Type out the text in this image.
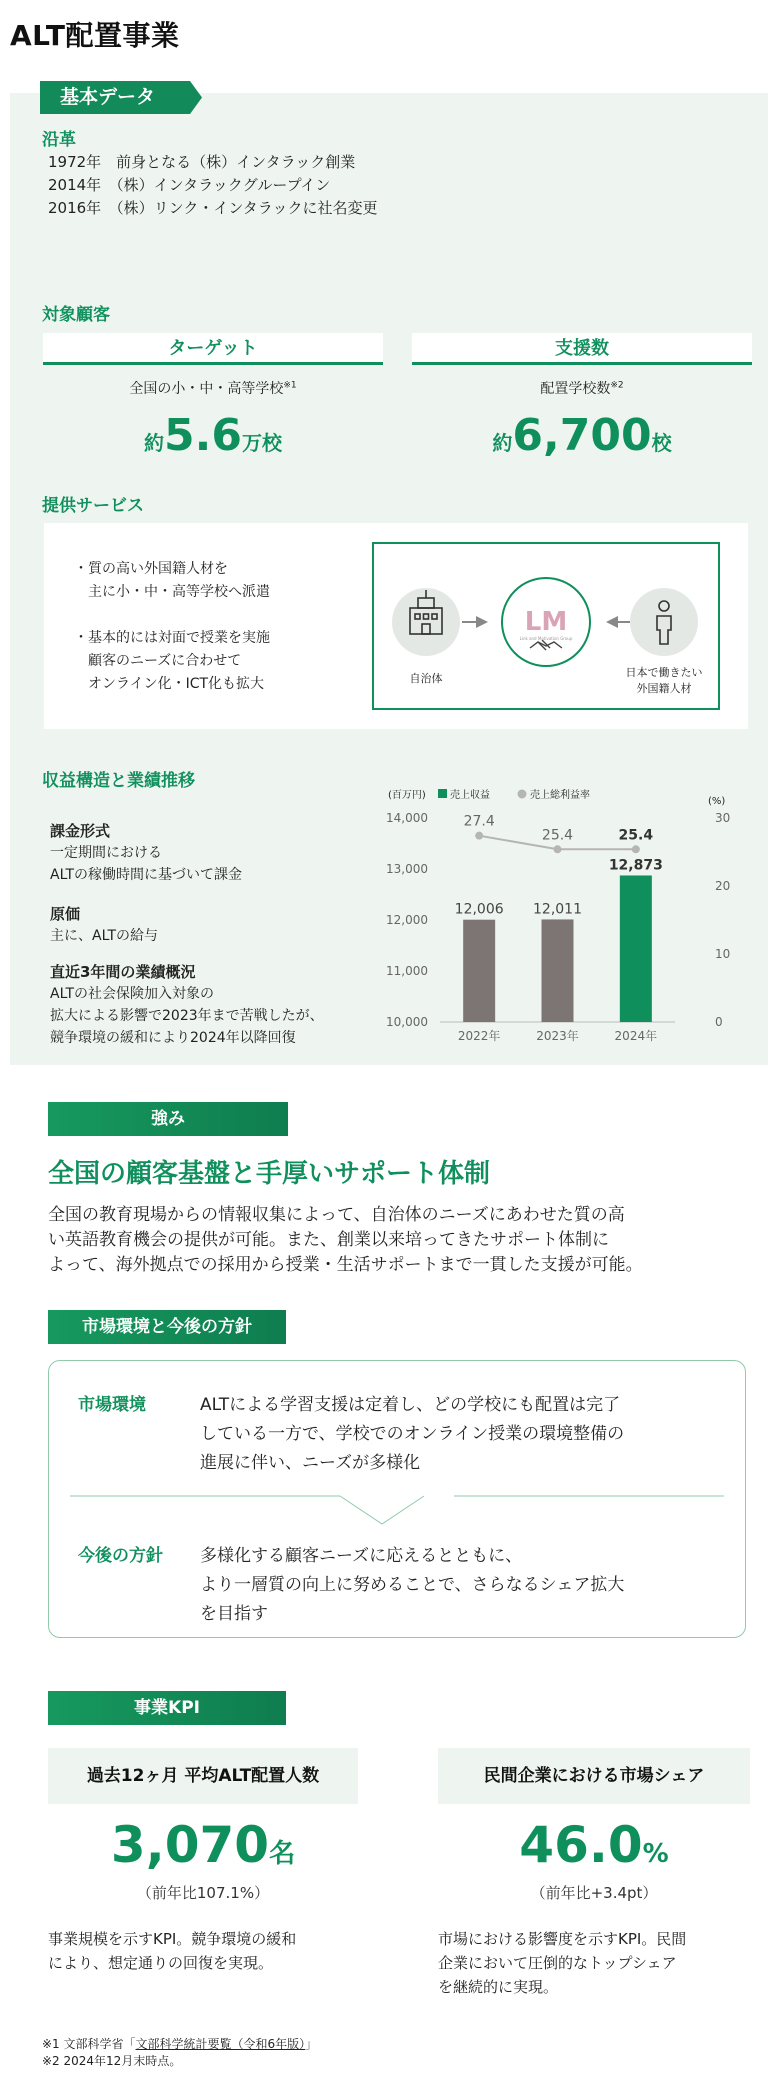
ALT配置事業
基本データ
沿革
1972年　前身となる（株）インタラック創業
2014年　（株）インタラックグループイン
2016年　（株）リンク・インタラックに社名変更
対象顧客
ターゲット
全国の小・中・高等学校$^{※1}$
約5.6万校
支援数
配置学校数$^{※2}$
約6,700校
提供サービス
・質の高い外国籍人材を
　主に小・中・高等学校へ派遣
・基本的には対面で授業を実施
　顧客のニーズに合わせて
　オンライン化・ICT化も拡大
LM
Link and Motivation Group
自治体	日本で働きたい
外国籍人材
収益構造と業績推移
課金形式
一定期間における
ALTの稼働時間に基づいて課金
原価
主に、ALTの給与
直近3年間の業績概況
ALTの社会保険加入対象の
拡大による影響で2023年まで苦戦したが、
競争環境の緩和により2024年以降回復
(百万円) 売上収益	売上総利益率
(%)
10,000
11,000
12,000
13,000
14,000
0
10
20
30
12,006
2022年
12,011
2023年
12,873
2024年
27.4
25.4	25.4
強み
全国の顧客基盤と手厚いサポート体制
全国の教育現場からの情報収集によって、自治体のニーズにあわせた質の高
い英語教育機会の提供が可能。また、創業以来培ってきたサポート体制に
よって、海外拠点での採用から授業・生活サポートまで一貫した支援が可能。
市場環境と今後の方針
市場環境	ALTによる学習支援は定着し、どの学校にも配置は完了
している一方で、学校でのオンライン授業の環境整備の
進展に伴い、ニーズが多様化
今後の方針 多様化する顧客ニーズに応えるとともに、
より一層質の向上に努めることで、さらなるシェア拡大
を目指す
事業KPI
過去12ヶ月 平均ALT配置人数
3,070名
（前年比107.1%）
事業規模を示すKPI。競争環境の緩和
により、想定通りの回復を実現。
民間企業における市場シェア
46.0%
（前年比+3.4pt）
市場における影響度を示すKPI。民間
企業において圧倒的なトップシェア
を継続的に実現。
※1 文部科学省「文部科学統計要覧（令和6年版）」
※2 2024年12月末時点。
